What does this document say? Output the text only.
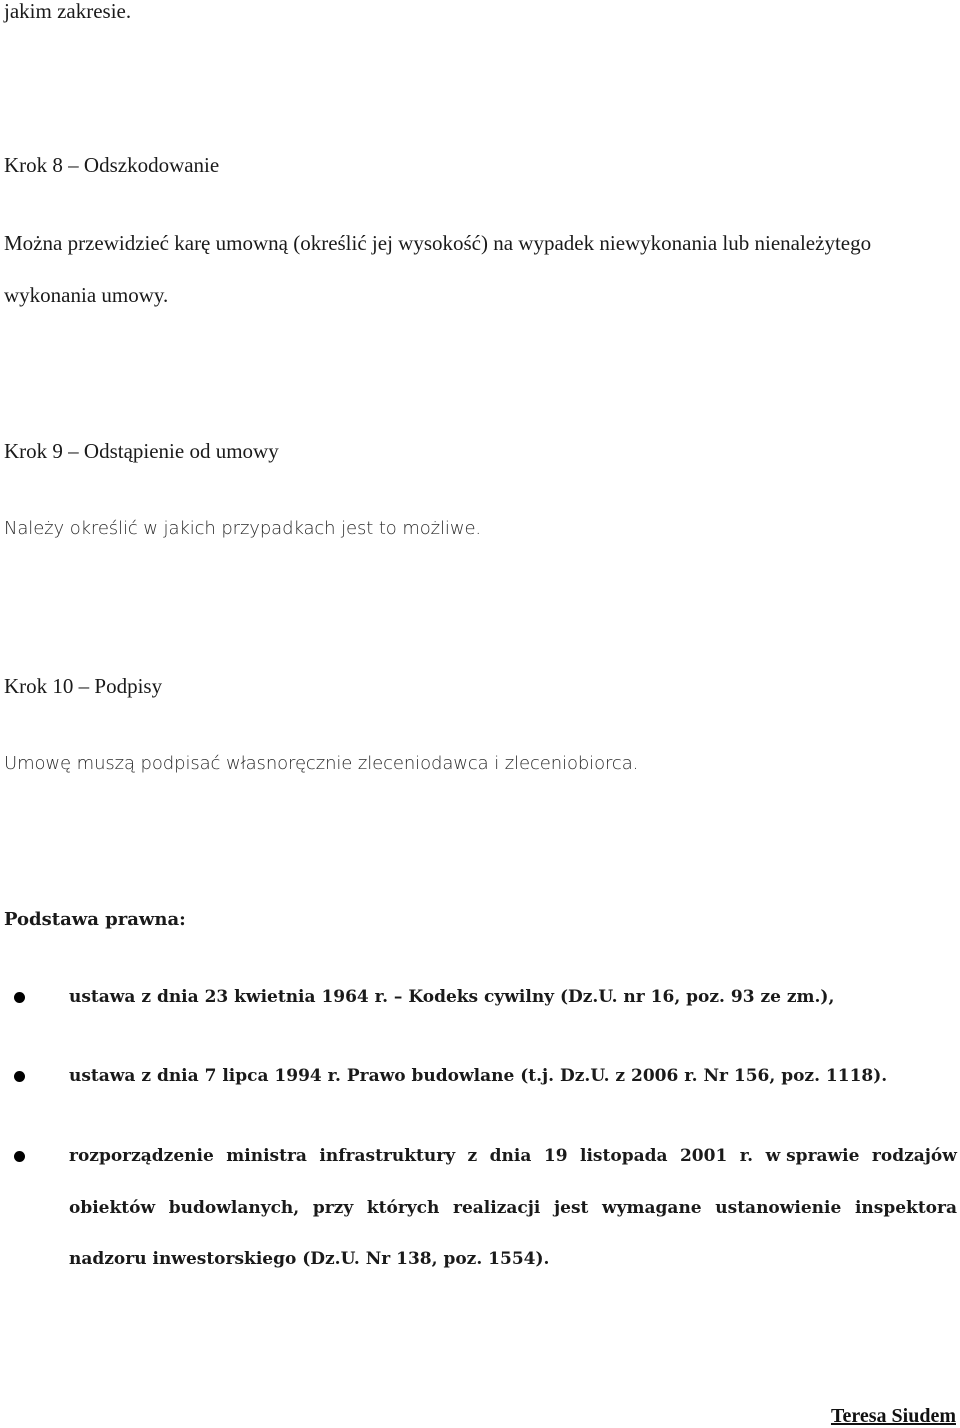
jakim zakresie.
Krok 8 – Odszkodowanie
Można przewidzieć karę umowną (określić jej wysokość) na wypadek niewykonania lub nienależytego
wykonania umowy.
Krok 9 – Odstąpienie od umowy
Należy określić w jakich przypadkach jest to możliwe.
Krok 10 – Podpisy
Umowę muszą podpisać własnoręcznie zleceniodawca i zleceniobiorca.
Podstawa prawna:
ustawa z dnia 23 kwietnia 1964 r. – Kodeks cywilny (Dz.U. nr 16, poz. 93 ze zm.),
ustawa z dnia 7 lipca 1994 r. Prawo budowlane (t.j. Dz.U. z 2006 r. Nr 156, poz. 1118).
rozporządzenie ministra infrastruktury z dnia 19 listopada 2001 r. w sprawie rodzajów
obiektów budowlanych, przy których realizacji jest wymagane ustanowienie inspektora
nadzoru inwestorskiego (Dz.U. Nr 138, poz. 1554).
Teresa Siudem
